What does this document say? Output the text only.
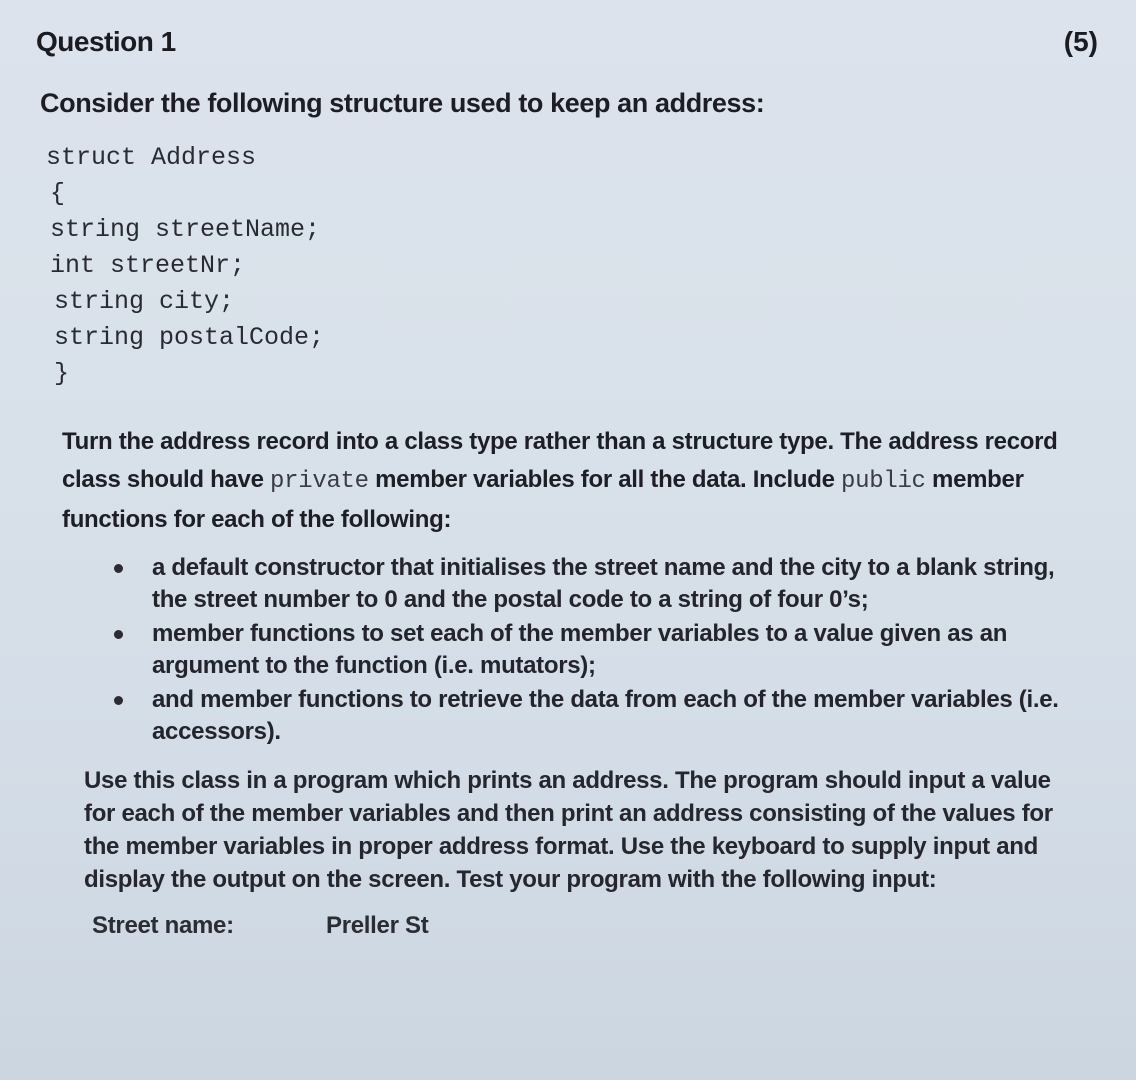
Question 1	(5)
Consider the following structure used to keep an address:
struct Address
{
string streetName;
int streetNr;
string city;
string postalCode;
}
Turn the address record into a class type rather than a structure type. The address record class should have private member variables for all the data. Include public member functions for each of the following:
a default constructor that initialises the street name and the city to a blank string, the street number to 0 and the postal code to a string of four 0’s;
member functions to set each of the member variables to a value given as an argument to the function (i.e. mutators);
and member functions to retrieve the data from each of the member variables (i.e. accessors).
Use this class in a program which prints an address. The program should input a value for each of the member variables and then print an address consisting of the values for the member variables in proper address format. Use the keyboard to supply input and display the output on the screen. Test your program with the following input:
Street name:	Preller St
